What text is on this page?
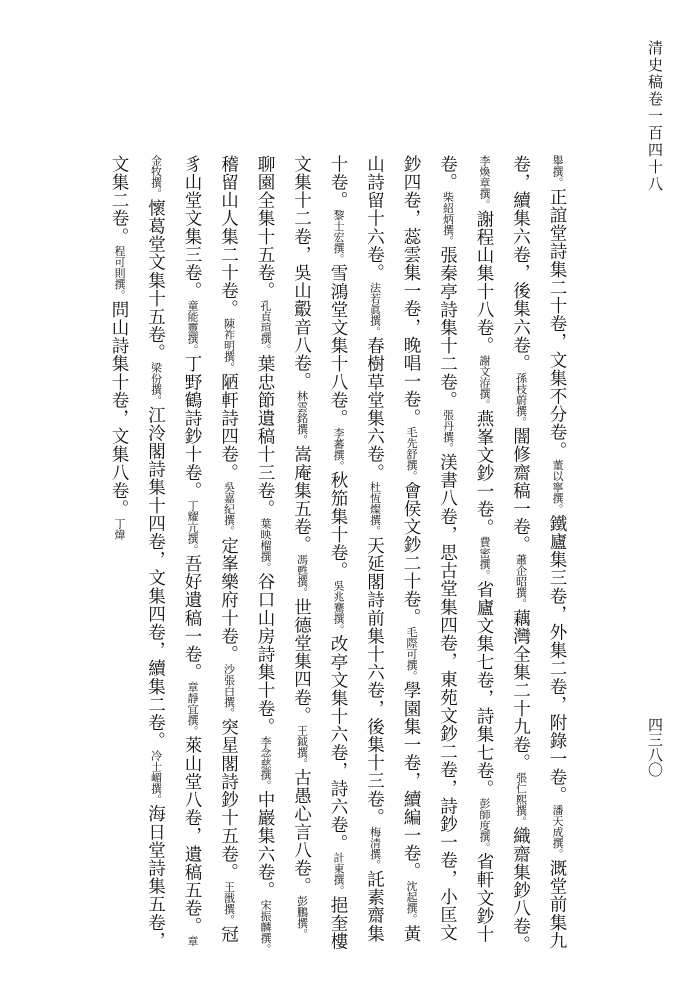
清史稿卷一百四十八
四三八〇
舉撰。正誼堂詩集二十卷，文集不分卷。董以寧撰。鐵廬集三卷，外集二卷，附錄一卷。潘天成撰。溉堂前集九卷，續集六卷，後集六卷。孫枝蔚撰。闇修齋稿一卷。蕭企昭撰。藕灣全集二十九卷。張仁熙撰。織齋集鈔八卷。李煥章撰。謝程山集十八卷。謝文洊撰。燕峯文鈔一卷。費密撰。省廬文集七卷，詩集七卷。彭師度撰。省軒文鈔十卷。柴紹炳撰。張秦亭詩集十二卷。張丹撰。渼書八卷，思古堂集四卷，東苑文鈔二卷，詩鈔一卷，小匡文鈔四卷，蕊雲集一卷，晚唱一卷。毛先舒撰。會侯文鈔二十卷。毛際可撰。學園集一卷，續編一卷。沈起撰。黃山詩留十六卷。法若眞撰。春樹草堂集六卷。杜恆燦撰。天延閣詩前集十六卷，後集十三卷。梅清撰。託素齋集十卷。黎士宏撰。雪鴻堂文集十八卷。李蕃撰。秋笳集十卷。吳兆騫撰。改亭文集十六卷，詩六卷。計東撰。挹奎樓文集十二卷，吳山鷇音八卷。林雲銘撰。嵩庵集五卷。馮甦撰。世德堂集四卷。王鉞撰。古愚心言八卷。彭鵬撰。聊園全集十五卷。孔貞瑄撰。葉忠節遺稿十三卷。葉映榴撰。谷口山房詩集十卷。李念慈撰。中巖集六卷。宋振麟撰。稽留山人集二十卷。陳祚明撰。陋軒詩四卷。吳嘉紀撰。定峯樂府十卷。沙張白撰。突星閣詩鈔十五卷。王戩撰。冠豸山堂文集三卷。童能靈撰。丁野鶴詩鈔十卷。丁耀亢撰。吾好遺稿一卷。章靜宜撰。萊山堂八卷，遺稿五卷。章金牧撰。懷葛堂文集十五卷。梁份撰。江泠閣詩集十四卷，文集四卷，續集二卷。冷士嵋撰。海日堂詩集五卷，文集二卷。程可則撰。問山詩集十卷，文集八卷。丁煒
